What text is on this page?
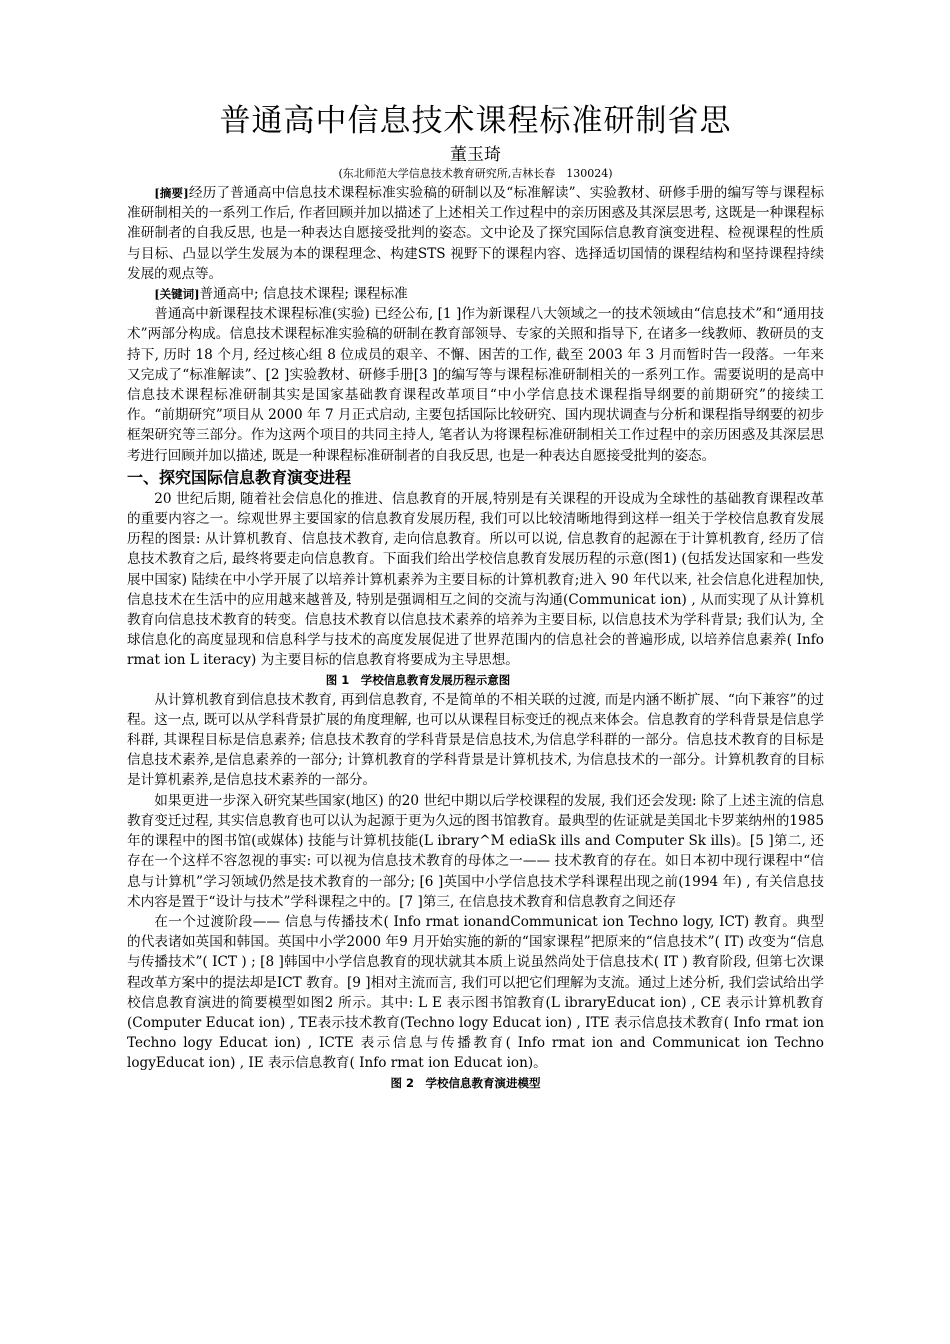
普通高中信息技术课程标准研制省思
董玉琦
(东北师范大学信息技术教育研究所,吉林长春　130024)

[摘要]经历了普通高中信息技术课程标准实验稿的研制以及“标准解读”、实验教材、研修手册的编写等与课程标准研制相关的一系列工作后, 作者回顾并加以描述了上述相关工作过程中的亲历困惑及其深层思考, 这既是一种课程标准研制者的自我反思, 也是一种表达自愿接受批判的姿态。文中论及了探究国际信息教育演变进程、检视课程的性质与目标、凸显以学生发展为本的课程理念、构建STS 视野下的课程内容、选择适切国情的课程结构和坚持课程持续发展的观点等。

[关键词]普通高中; 信息技术课程; 课程标准

普通高中新课程技术课程标准(实验) 已经公布, [1 ]作为新课程八大领域之一的技术领域由“信息技术”和“通用技术”两部分构成。信息技术课程标准实验稿的研制在教育部领导、专家的关照和指导下, 在诸多一线教师、教研员的支持下, 历时 18 个月, 经过核心组 8 位成员的艰辛、不懈、困苦的工作, 截至 2003 年 3 月而暂时告一段落。一年来又完成了“标准解读”、[2 ]实验教材、研修手册[3 ]的编写等与课程标准研制相关的一系列工作。需要说明的是高中信息技术课程标准研制其实是国家基础教育课程改革项目“中小学信息技术课程指导纲要的前期研究”的接续工作。“前期研究”项目从 2000 年 7 月正式启动, 主要包括国际比较研究、国内现状调查与分析和课程指导纲要的初步框架研究等三部分。作为这两个项目的共同主持人, 笔者认为将课程标准研制相关工作过程中的亲历困惑及其深层思考进行回顾并加以描述, 既是一种课程标准研制者的自我反思, 也是一种表达自愿接受批判的姿态。

一、探究国际信息教育演变进程

20 世纪后期, 随着社会信息化的推进、信息教育的开展,特别是有关课程的开设成为全球性的基础教育课程改革的重要内容之一。综观世界主要国家的信息教育发展历程, 我们可以比较清晰地得到这样一组关于学校信息教育发展历程的图景: 从计算机教育、信息技术教育, 走向信息教育。所以可以说, 信息教育的起源在于计算机教育, 经历了信息技术教育之后, 最终将要走向信息教育。下面我们给出学校信息教育发展历程的示意(图1) (包括发达国家和一些发展中国家) 陆续在中小学开展了以培养计算机素养为主要目标的计算机教育;进入 90 年代以来, 社会信息化进程加快, 信息技术在生活中的应用越来越普及, 特别是强调相互之间的交流与沟通(Communicat ion) , 从而实现了从计算机教育向信息技术教育的转变。信息技术教育以信息技术素养的培养为主要目标, 以信息技术为学科背景; 我们认为, 全球信息化的高度显现和信息科学与技术的高度发展促进了世界范围内的信息社会的普遍形成, 以培养信息素养( Info rmat ion L iteracy) 为主要目标的信息教育将要成为主导思想。

图 1　学校信息教育发展历程示意图

从计算机教育到信息技术教育, 再到信息教育, 不是简单的不相关联的过渡, 而是内涵不断扩展、“向下兼容”的过程。这一点, 既可以从学科背景扩展的角度理解, 也可以从课程目标变迁的视点来体会。信息教育的学科背景是信息学科群, 其课程目标是信息素养; 信息技术教育的学科背景是信息技术,为信息学科群的一部分。信息技术教育的目标是信息技术素养,是信息素养的一部分; 计算机教育的学科背景是计算机技术, 为信息技术的一部分。计算机教育的目标是计算机素养,是信息技术素养的一部分。

如果更进一步深入研究某些国家(地区) 的20 世纪中期以后学校课程的发展, 我们还会发现: 除了上述主流的信息教育变迁过程, 其实信息教育也可以认为起源于更为久远的图书馆教育。最典型的佐证就是美国北卡罗莱纳州的1985 年的课程中的图书馆(或媒体) 技能与计算机技能(L ibrary^M ediaSk ills and Computer Sk ills)。[5 ]第二, 还存在一个这样不容忽视的事实: 可以视为信息技术教育的母体之一—— 技术教育的存在。如日本初中现行课程中“信息与计算机”学习领域仍然是技术教育的一部分; [6 ]英国中小学信息技术学科课程出现之前(1994 年) , 有关信息技术内容是置于“设计与技术”学科课程之中的。[7 ]第三, 在信息技术教育和信息教育之间还存

在一个过渡阶段—— 信息与传播技术( Info rmat ionandCommunicat ion Techno logy, ICT) 教育。典型的代表诸如英国和韩国。英国中小学2000 年9 月开始实施的新的“国家课程”把原来的“信息技术”( IT) 改变为“信息与传播技术”( ICT ) ; [8 ]韩国中小学信息教育的现状就其本质上说虽然尚处于信息技术( IT ) 教育阶段, 但第七次课程改革方案中的提法却是ICT 教育。[9 ]相对主流而言, 我们可以把它们理解为支流。通过上述分析, 我们尝试给出学校信息教育演进的简要模型如图2 所示。其中: L E 表示图书馆教育(L ibraryEducat ion) , CE 表示计算机教育(Computer Educat ion) , TE表示技术教育(Techno logy Educat ion) , ITE 表示信息技术教育( Info rmat ion Techno logy Educat ion) , ICTE 表示信息与传播教育( Info rmat ion and Communicat ion Techno logyEducat ion) , IE 表示信息教育( Info rmat ion Educat ion)。

图 2　学校信息教育演进模型
